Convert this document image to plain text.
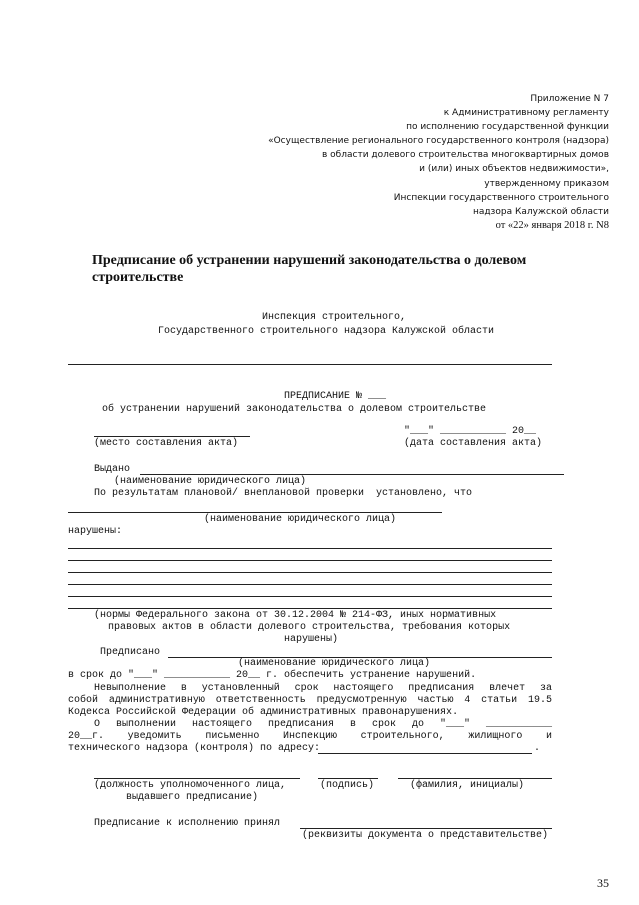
Приложение N 7
к Административному регламенту
по исполнению государственной функции
«Осуществление регионального государственного контроля (надзора)
в области долевого строительства многоквартирных домов
и (или) иных объектов недвижимости»,
утвержденному приказом
Инспекции государственного строительного
надзора Калужской области
от «22» января 2018 г. N8
Предписание об устранении нарушений законодательства о долевом строительстве
Инспекция строительного,
Государственного строительного надзора Калужской области
ПРЕДПИСАНИЕ № ___
об устранении нарушений законодательства о долевом строительстве
"___" ___________ 20__
(место составления акта)	(дата составления акта)
Выдано
(наименование юридического лица)
По результатам плановой/ внеплановой проверки  установлено, что
(наименование юридического лица)
нарушены:
(нормы Федерального закона от 30.12.2004 № 214-ФЗ, иных нормативных
правовых актов в области долевого строительства, требования которых
нарушены)
Предписано
(наименование юридического лица)
в срок до "___" ___________ 20__ г. обеспечить устранение нарушений.
Невыполнение в установленный срок настоящего предписания влечет за
собой административную ответственность предусмотренную частью 4 статьи 19.5
Кодекса Российской Федерации об административных правонарушениях.
О выполнении настоящего предписания в срок до "___" ___________
20__г. уведомить письменно Инспекцию строительного, жилищного и
технического надзора (контроля) по адресу:	.
(должность уполномоченного лица,	(подпись)	(фамилия, инициалы)
выдавшего предписание)
Предписание к исполнению принял
(реквизиты документа о представительстве)
35
